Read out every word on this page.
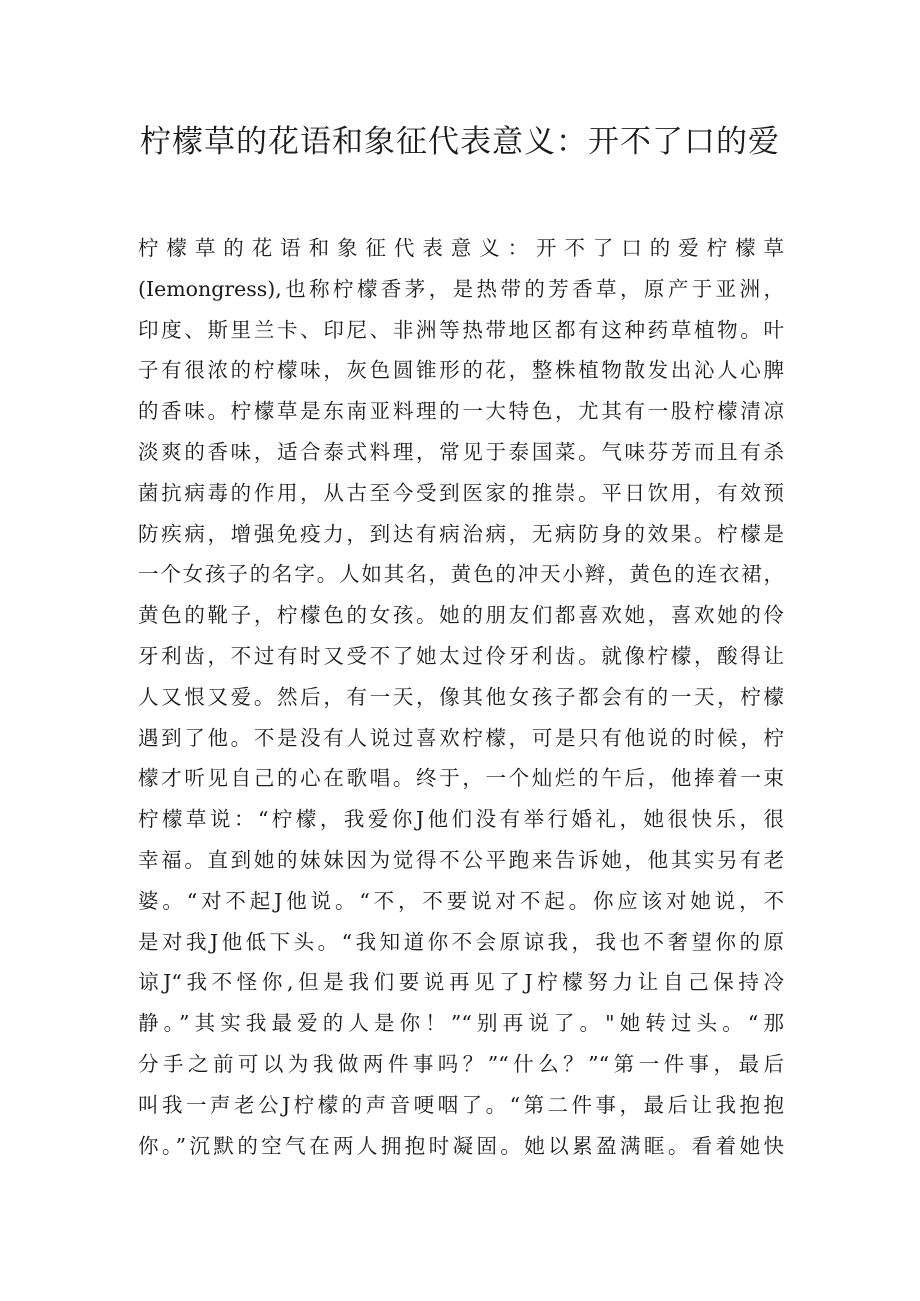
柠檬草的花语和象征代表意义：开不了口的爱
柠 檬 草 的 花 语 和 象 征 代 表 意 义 ： 开 不 了 口 的 爱 柠 檬 草
(Iemongress),也称柠檬香茅，是热带的芳香草，原产于亚洲，
印度、斯里兰卡、印尼、非洲等热带地区都有这种药草植物。叶
子有很浓的柠檬味，灰色圆锥形的花，整株植物散发出沁人心脾
的香味。柠檬草是东南亚料理的一大特色，尤其有一股柠檬清凉
淡爽的香味，适合泰式料理，常见于泰国菜。气味芬芳而且有杀
菌抗病毒的作用，从古至今受到医家的推崇。平日饮用，有效预
防疾病，增强免疫力，到达有病治病，无病防身的效果。柠檬是
一个女孩子的名字。人如其名，黄色的冲天小辫，黄色的连衣裙，
黄色的靴子，柠檬色的女孩。她的朋友们都喜欢她，喜欢她的伶
牙利齿，不过有时又受不了她太过伶牙利齿。就像柠檬，酸得让
人又恨又爱。然后，有一天，像其他女孩子都会有的一天，柠檬
遇到了他。不是没有人说过喜欢柠檬，可是只有他说的时候，柠
檬才听见自己的心在歌唱。终于，一个灿烂的午后，他捧着一束
柠檬草说：“柠檬，我爱你J他们没有举行婚礼，她很快乐，很
幸福。直到她的妹妹因为觉得不公平跑来告诉她，他其实另有老
婆。“对不起J他说。“不，不要说对不起。你应该对她说，不
是对我J他低下头。“我知道你不会原谅我，我也不奢望你的原
谅J“我不怪你,但是我们要说再见了J柠檬努力让自己保持冷
静。”其实我最爱的人是你！”“别再说了。"她转过头。“那
分手之前可以为我做两件事吗？”“什么？”“第一件事，最后
叫我一声老公J柠檬的声音哽咽了。“第二件事，最后让我抱抱
你。”沉默的空气在两人拥抱时凝固。她以累盈满眶。看着她快
